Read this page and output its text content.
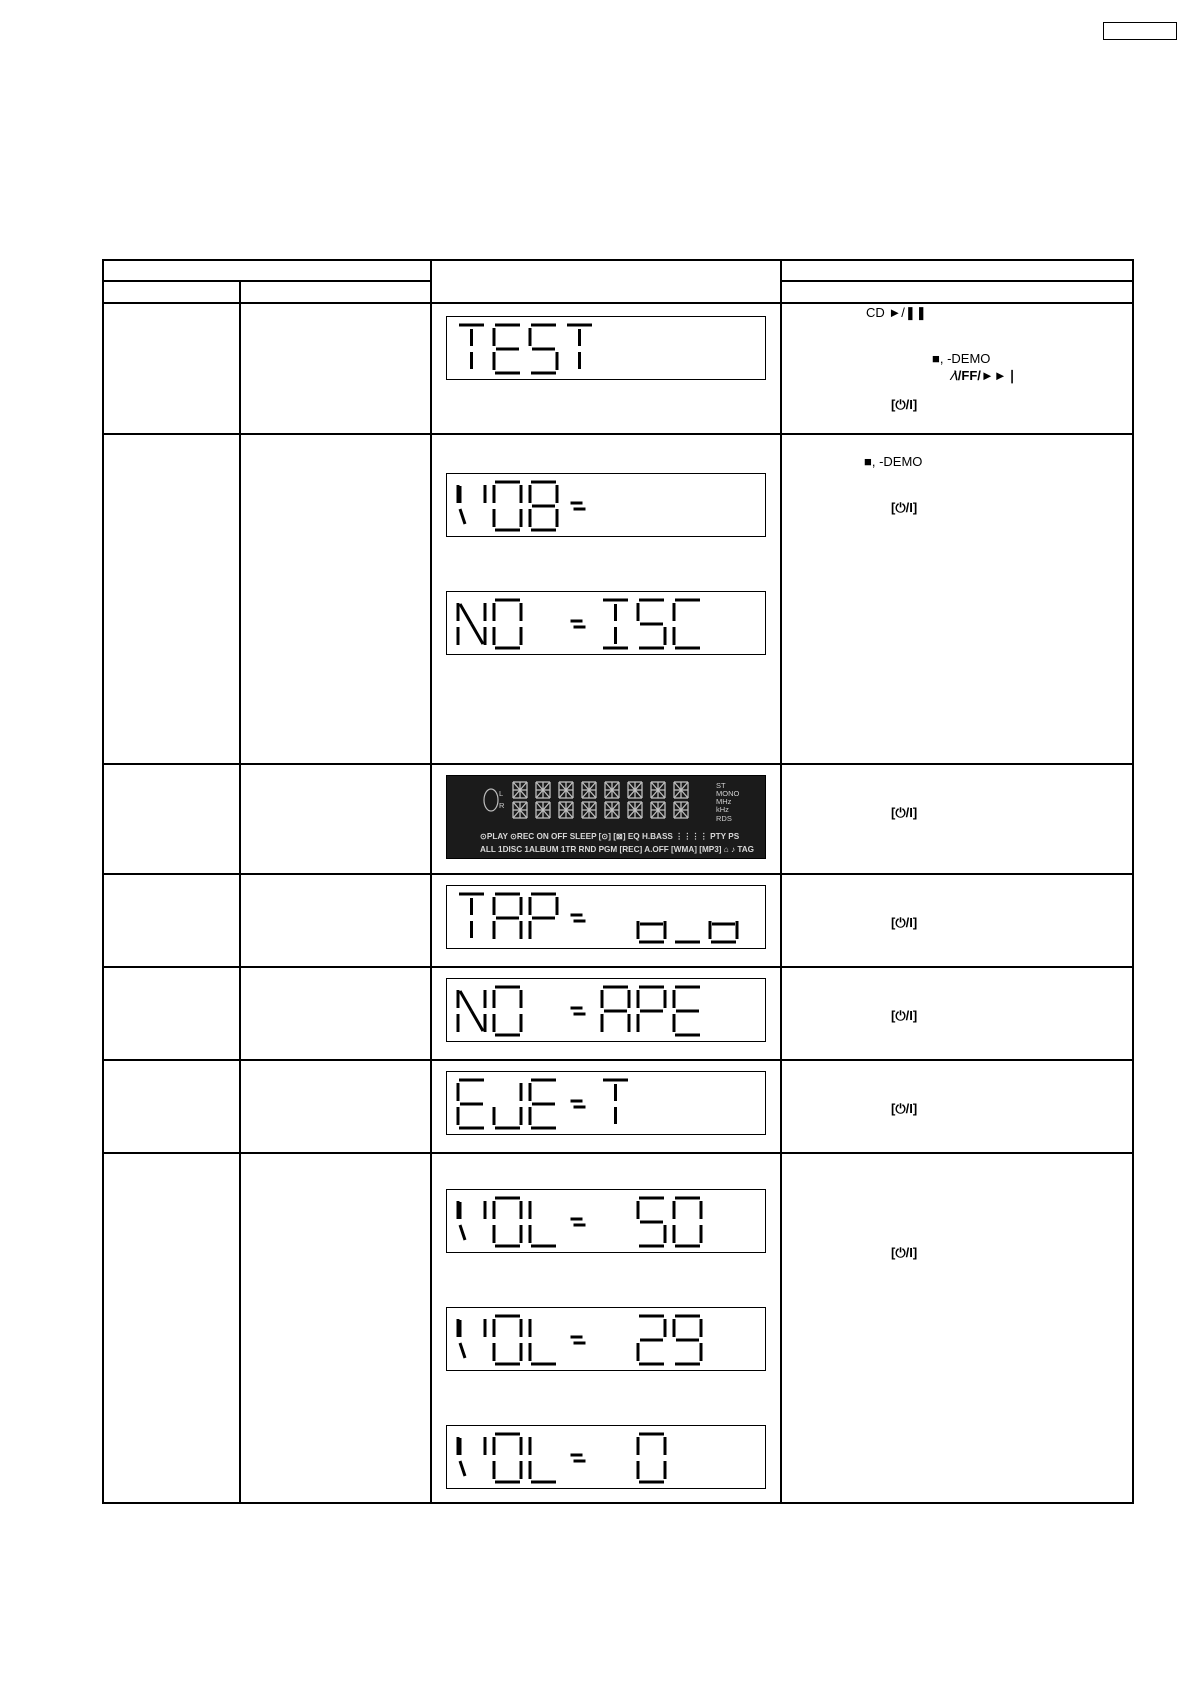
CD ►/❚❚
■, -DEMO
⁄\/FF/►►❘
[⏻/I]
■, -DEMO
[⏻/I]
ST
MONO
MHz
kHz
RDS
L
R
⊙PLAY ⊙REC ON OFF SLEEP [⊙] [⊠] EQ H.BASS ⋮⋮⋮⋮ PTY PS
ALL 1DISC 1ALBUM 1TR RND PGM [REC] A.OFF [WMA] [MP3] ⌂ ♪ TAG
[⏻/I]
[⏻/I]
[⏻/I]
[⏻/I]
[⏻/I]
